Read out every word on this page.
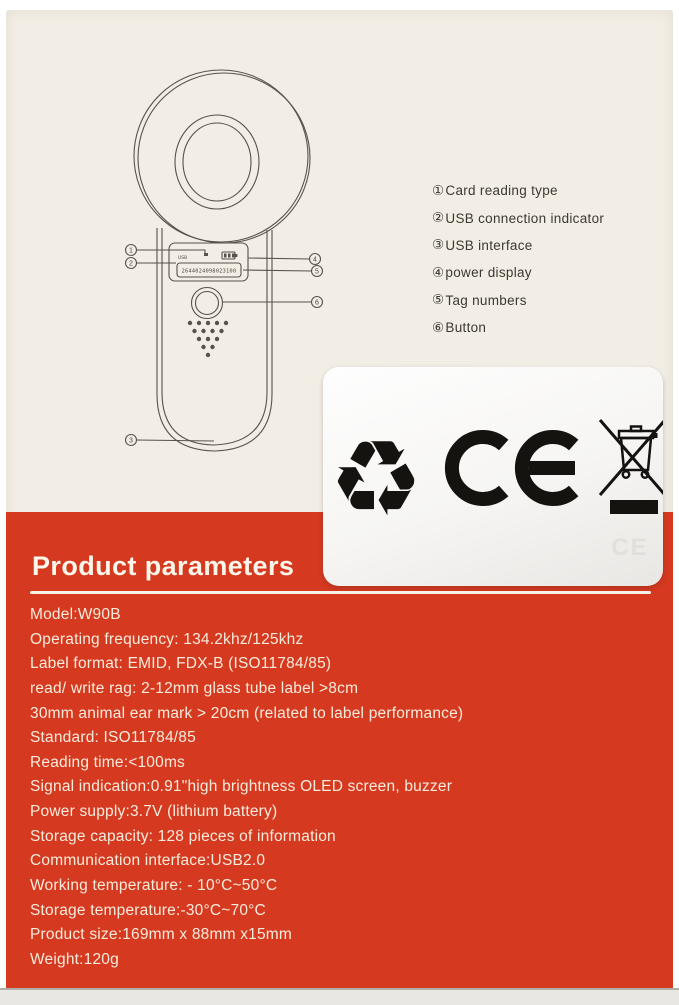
USB
2644024098023100
1
2
3
4
5
6
① Card reading type
② USB connection indicator
③ USB interface
④ power display
⑤ Tag numbers
⑥ Button
♻
CE
Product parameters
Model:W90B
Operating frequency: 134.2khz/125khz
Label format: EMID, FDX-B (ISO11784/85)
read/ write rag: 2-12mm glass tube label >8cm
30mm animal ear mark > 20cm (related to label performance)
Standard: ISO11784/85
Reading time:<100ms
Signal indication:0.91"high brightness OLED screen, buzzer
Power supply:3.7V (lithium battery)
Storage capacity: 128 pieces of information
Communication interface:USB2.0
Working temperature: - 10°C~50°C
Storage temperature:-30°C~70°C
Product size:169mm x 88mm x15mm
Weight:120g
